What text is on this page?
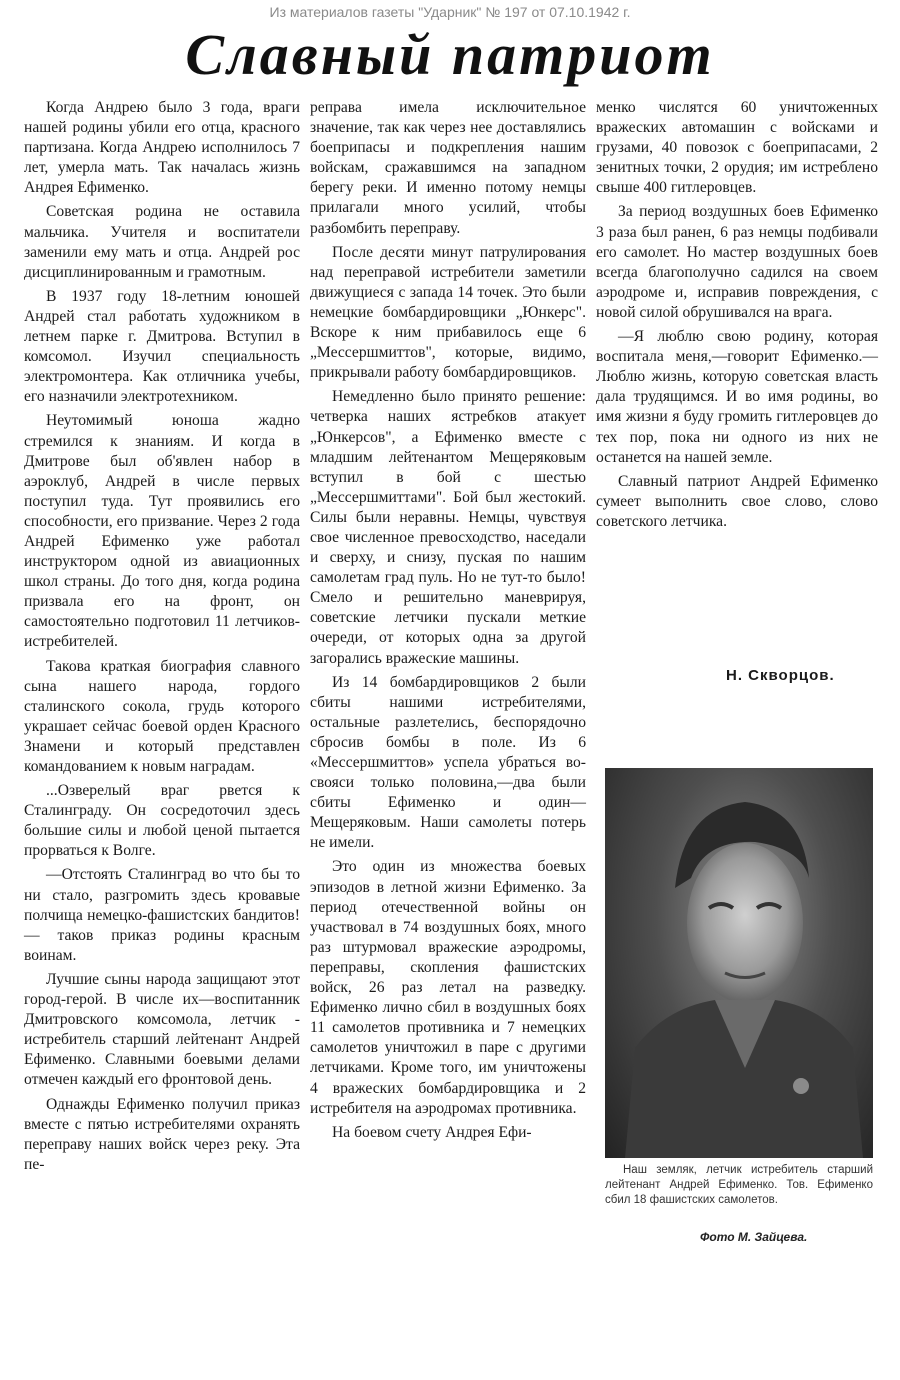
Из материалов газеты "Ударник" № 197 от 07.10.1942 г.
Славный патриот

Когда Андрею было 3 года, враги нашей родины убили его отца, красного партизана. Когда Андрею исполнилось 7 лет, умерла мать. Так началась жизнь Андрея Ефименко.

Советская родина не оставила мальчика. Учителя и воспитатели заменили ему мать и отца. Андрей рос дисциплинированным и грамотным.

В 1937 году 18-летним юношей Андрей стал работать художником в летнем парке г. Дмитрова. Вступил в комсомол. Изучил специальность электромонтера. Как отличника учебы, его назначили электротехником.

Неутомимый юноша жадно стремился к знаниям. И когда в Дмитрове был об'явлен набор в аэроклуб, Андрей в числе первых поступил туда. Тут проявились его способности, его призвание. Через 2 года Андрей Ефименко уже работал инструктором одной из авиационных школ страны. До того дня, когда родина призвала его на фронт, он самостоятельно подготовил 11 летчиков-истребителей.

Такова краткая биография славного сына нашего народа, гордого сталинского сокола, грудь которого украшает сейчас боевой орден Красного Знамени и который представлен командованием к новым наградам.

...Озверелый враг рвется к Сталинграду. Он сосредоточил здесь большие силы и любой ценой пытается прорваться к Волге.

—Отстоять Сталинград во что бы то ни стало, разгромить здесь кровавые полчища немецко-фашистских бандитов!— таков приказ родины красным воинам.

Лучшие сыны народа защищают этот город-герой. В числе их—воспитанник Дмитровского комсомола, летчик - истребитель старший лейтенант Андрей Ефименко. Славными боевыми делами отмечен каждый его фронтовой день.

Однажды Ефименко получил приказ вместе с пятью истребителями охранять переправу наших войск через реку. Эта пе-

реправа имела исключительное значение, так как через нее доставлялись боеприпасы и подкрепления нашим войскам, сражавшимся на западном берегу реки. И именно потому немцы прилагали много усилий, чтобы разбомбить переправу.

После десяти минут патрулирования над переправой истребители заметили движущиеся с запада 14 точек. Это были немецкие бомбардировщики „Юнкерс". Вскоре к ним прибавилось еще 6 „Мессершмиттов", которые, видимо, прикрывали работу бомбардировщиков.

Немедленно было принято решение: четверка наших ястребков атакует „Юнкерсов", а Ефименко вместе с младшим лейтенантом Мещеряковым вступил в бой с шестью „Мессершмиттами". Бой был жестокий. Силы были неравны. Немцы, чувствуя свое численное превосходство, наседали и сверху, и снизу, пуская по нашим самолетам град пуль. Но не тут-то было! Смело и решительно маневрируя, советские летчики пускали меткие очереди, от которых одна за другой загорались вражеские машины.

Из 14 бомбардировщиков 2 были сбиты нашими истребителями, остальные разлетелись, беспорядочно сбросив бомбы в поле. Из 6 «Мессершмиттов» успела убраться во-свояси только половина,—два были сбиты Ефименко и один—Мещеряковым. Наши самолеты потерь не имели.

Это один из множества боевых эпизодов в летной жизни Ефименко. За период отечественной войны он участвовал в 74 воздушных боях, много раз штурмовал вражеские аэродромы, переправы, скопления фашистских войск, 26 раз летал на разведку. Ефименко лично сбил в воздушных боях 11 самолетов противника и 7 немецких самолетов уничтожил в паре с другими летчиками. Кроме того, им уничтожены 4 вражеских бомбардировщика и 2 истребителя на аэродромах противника.

На боевом счету Андрея Ефи-

менко числятся 60 уничтоженных вражеских автомашин с войсками и грузами, 40 повозок с боеприпасами, 2 зенитных точки, 2 орудия; им истреблено свыше 400 гитлеровцев.

За период воздушных боев Ефименко 3 раза был ранен, 6 раз немцы подбивали его самолет. Но мастер воздушных боев всегда благополучно садился на своем аэродроме и, исправив повреждения, с новой силой обрушивался на врага.

—Я люблю свою родину, которая воспитала меня,—говорит Ефименко.—Люблю жизнь, которую советская власть дала трудящимся. И во имя родины, во имя жизни я буду громить гитлеровцев до тех пор, пока ни одного из них не останется на нашей земле.

Славный патриот Андрей Ефименко сумеет выполнить свое слово, слово советского летчика.

Н. Скворцов.
Наш земляк, летчик истребитель старший лейтенант Андрей Ефименко. Тов. Ефименко сбил 18 фашистских самолетов.
Фото М. Зайцева.
